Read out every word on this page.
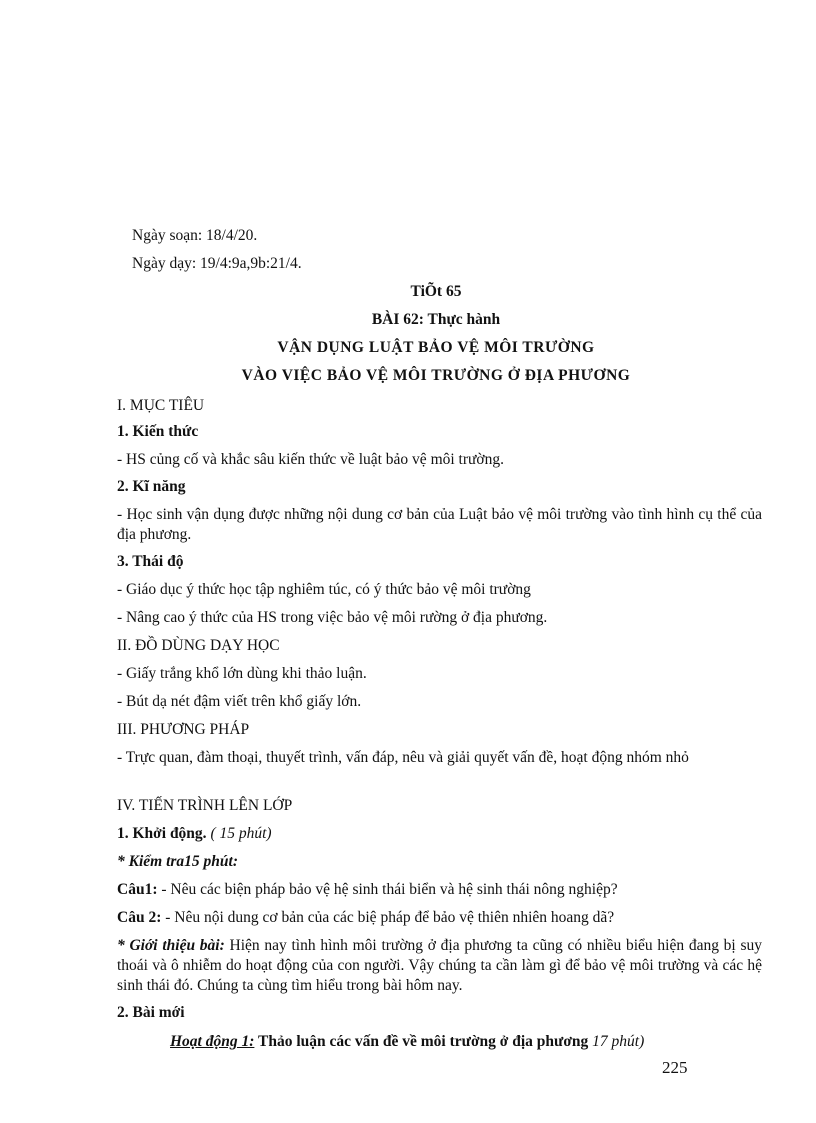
Ngày soạn: 18/4/20.
Ngày dạy: 19/4:9a,9b:21/4.
TiÕt 65
BÀI 62: Thực hành
VẬN DỤNG LUẬT BẢO VỆ MÔI TRƯỜNG
VÀO VIỆC BẢO VỆ MÔI TRƯỜNG Ở ĐỊA PHƯƠNG
I. MỤC TIÊU
1. Kiến thức
- HS củng cố và khắc sâu kiến thức về luật bảo vệ môi trường.
2. Kĩ năng
- Học sinh vận dụng được những nội dung cơ bản của Luật bảo vệ môi trường vào tình hình cụ thể của địa phương.
3. Thái độ
- Giáo dục ý thức học tập nghiêm túc, có ý thức bảo vệ môi trường
- Nâng cao ý thức của HS trong việc bảo vệ môi rường ở địa phương.
II. ĐỒ DÙNG DẠY HỌC
- Giấy trắng khổ lớn dùng khi thảo luận.
- Bút dạ nét đậm viết trên khổ giấy lớn.
III. PHƯƠNG PHÁP
- Trực quan, đàm thoại, thuyết trình, vấn đáp, nêu và giải quyết vấn đề, hoạt động nhóm nhỏ
IV. TIẾN TRÌNH LÊN LỚP
1. Khởi động. ( 15 phút)
* Kiểm tra15 phút:
Câu1: - Nêu các biện pháp bảo vệ hệ sinh thái biển và hệ sinh thái nông nghiệp?
Câu 2: - Nêu nội dung cơ bản của các biệ pháp để bảo vệ thiên nhiên hoang dã?
* Giới thiệu bài: Hiện nay tình hình môi trường ở địa phương ta cũng có nhiều biểu hiện đang bị suy thoái và ô nhiễm do hoạt động của con người. Vậy chúng ta cần làm gì để bảo vệ môi trường và các hệ sinh thái đó. Chúng ta cùng tìm hiểu trong bài hôm nay.
2. Bài mới
Hoạt động 1: Thảo luận các vấn đề về môi trường ở địa phương 17 phút)
225
